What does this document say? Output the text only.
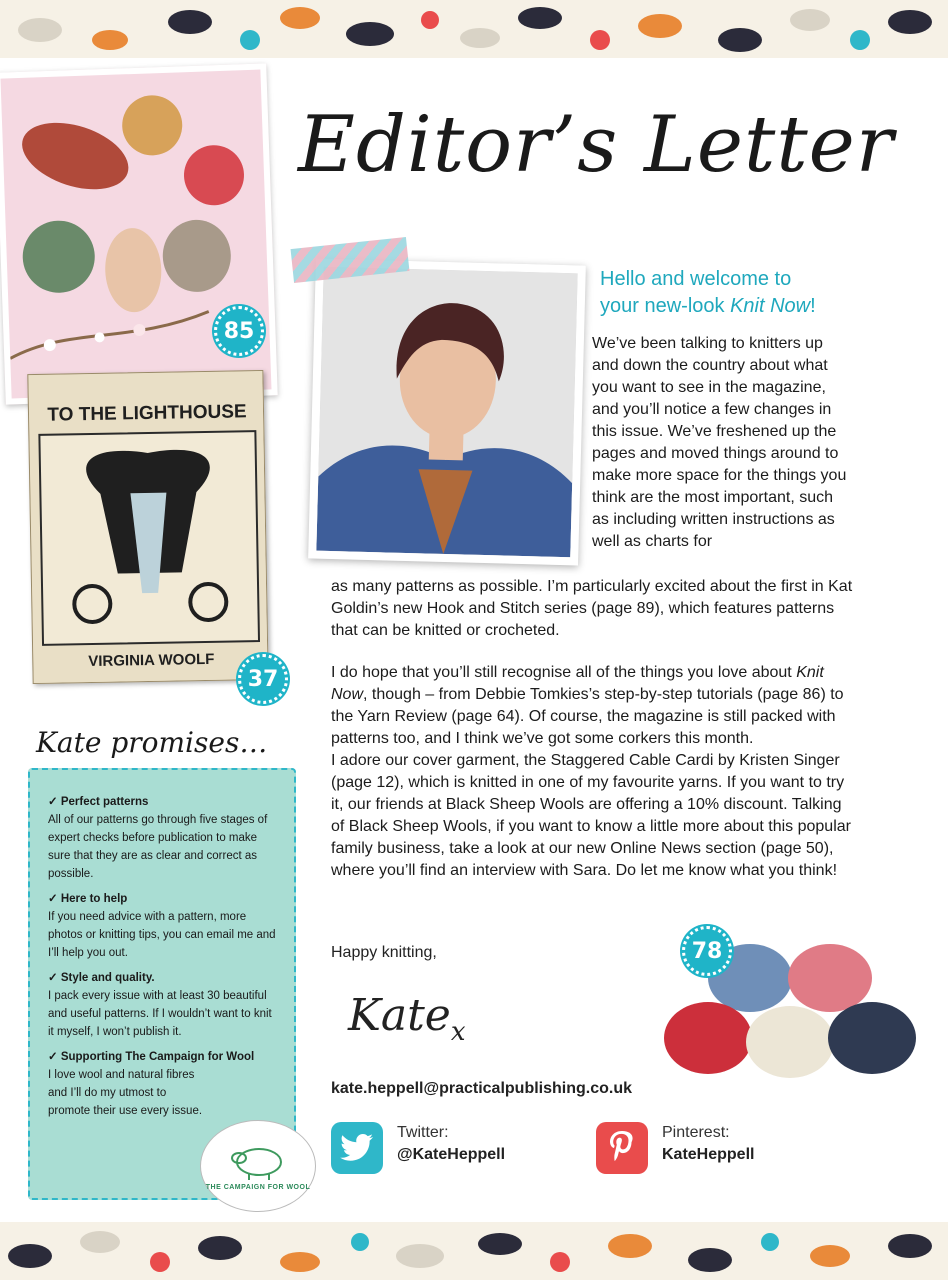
85
TO THE LIGHTHOUSE
VIRGINIA WOOLF
37
Editor’s Letter
Hello and welcome to
your new-look Knit Now!

We’ve been talking to knitters up and down the country about what you want to see in the magazine, and you’ll notice a few changes in this issue. We’ve freshened up the pages and moved things around to make more space for the things you think are the most important, such as including written instructions as well as charts for

as many patterns as possible. I’m particularly excited about the first in Kat Goldin’s new Hook and Stitch series (page 89), which features patterns that can be knitted or crocheted.

I do hope that you’ll still recognise all of the things you love about Knit Now, though – from Debbie Tomkies’s step-by-step tutorials (page 86) to the Yarn Review (page 64). Of course, the magazine is still packed with patterns too, and I think we’ve got some corkers this month.

I adore our cover garment, the Staggered Cable Cardi by Kristen Singer (page 12), which is knitted in one of my favourite yarns. If you want to try it, our friends at Black Sheep Wools are offering a 10% discount. Talking of Black Sheep Wools, if you want to know a little more about this popular family business, take a look at our new Online News section (page 50), where you’ll find an interview with Sara. Do let me know what you think!

Happy knitting,
Kate$_x$
78
kate.heppell@practicalpublishing.co.uk
Twitter:
@KateHeppell
Pinterest:
KateHeppell
Kate promises…
✓ Perfect patterns
All of our patterns go through five stages of expert checks before publication to make sure that they are as clear and correct as possible.
✓ Here to help
If you need advice with a pattern, more photos or knitting tips, you can email me and I’ll help you out.
✓ Style and quality.
I pack every issue with at least 30 beautiful and useful patterns. If I wouldn’t want to knit it myself, I won’t publish it.
✓ Supporting The Campaign for Wool
I love wool and natural fibres and I’ll do my utmost to promote their use every issue.
THE CAMPAIGN FOR WOOL
